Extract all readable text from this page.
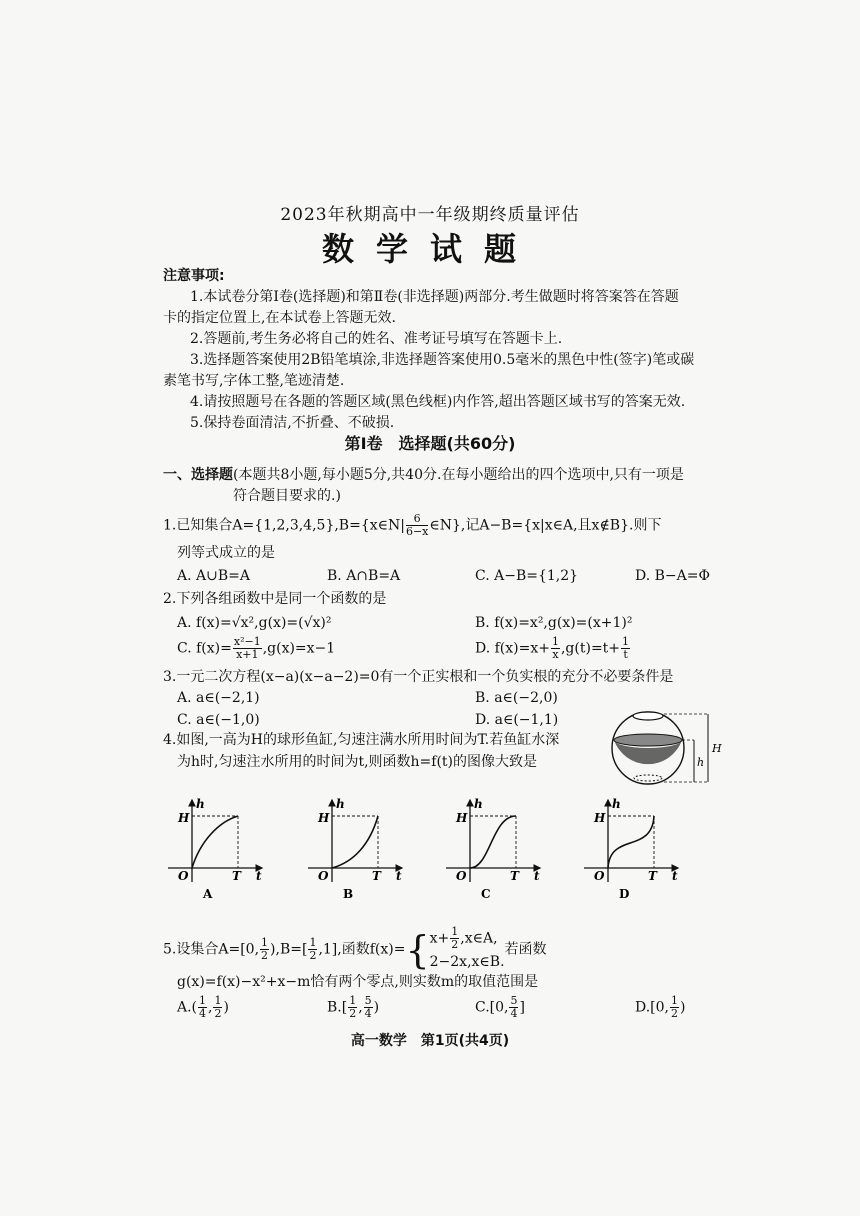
2023年秋期高中一年级期终质量评估
数学试题
注意事项:
1.本试卷分第Ⅰ卷(选择题)和第Ⅱ卷(非选择题)两部分.考生做题时将答案答在答题
卡的指定位置上,在本试卷上答题无效.
2.答题前,考生务必将自己的姓名、准考证号填写在答题卡上.
3.选择题答案使用2B铅笔填涂,非选择题答案使用0.5毫米的黑色中性(签字)笔或碳
素笔书写,字体工整,笔迹清楚.
4.请按照题号在各题的答题区域(黑色线框)内作答,超出答题区域书写的答案无效.
5.保持卷面清洁,不折叠、不破损.
第Ⅰ卷　选择题(共60分)
一、选择题(本题共8小题,每小题5分,共40分.在每小题给出的四个选项中,只有一项是
符合题目要求的.)
1.已知集合A={1,2,3,4,5},B={x∈N| $\frac{6}{6-x}$ ∈N},记A−B={x|x∈A,且x∉B}.则下
列等式成立的是
A. A∪B=A	B. A∩B=A	C. A−B={1,2}	D. B−A=Φ
2.下列各组函数中是同一个函数的是
A. f(x)=√x²,g(x)=(√x)²	B. f(x)=x²,g(x)=(x+1)²
C. $f(x)= \frac{\text{x²−1}}{x+1} ,g(x)=x-1$	D. $f(x)=x+ \frac{1}{x} ,g(t)=t+ \frac{1}{t}$
3.一元二次方程(x−a)(x−a−2)=0有一个正实根和一个负实根的充分不必要条件是
A. a∈(−2,1)	B. a∈(−2,0)
C. a∈(−1,0)	D. a∈(−1,1)
4.如图,一高为H的球形鱼缸,匀速注满水所用时间为T.若鱼缸水深
为h时,匀速注水所用的时间为t,则函数h=f(t)的图像大致是
H
h
h
H
O	T t
A
h
H
O	T t
B
h
H
O	T t
C
h
H
O	T t
D
5.设集合A=[0, $\frac{1}{2} ),B=[ \frac{1}{2} ,1]$,函数f(x)={ $x+ \frac{1}{2}$ ,x∈A,
2−2x,x∈B.
若函数
g(x)=f(x)−x²+x−m恰有两个零点,则实数m的取值范围是
$A.( \frac{1}{4}$ , $\frac{1}{2}$ )	$B.[ \frac{1}{2}$ , $\frac{5}{4}$ )	C.[0, $\frac{5}{4}$ ]	D.[0, $\frac{1}{2}$ )
高一数学　第1页(共4页)
